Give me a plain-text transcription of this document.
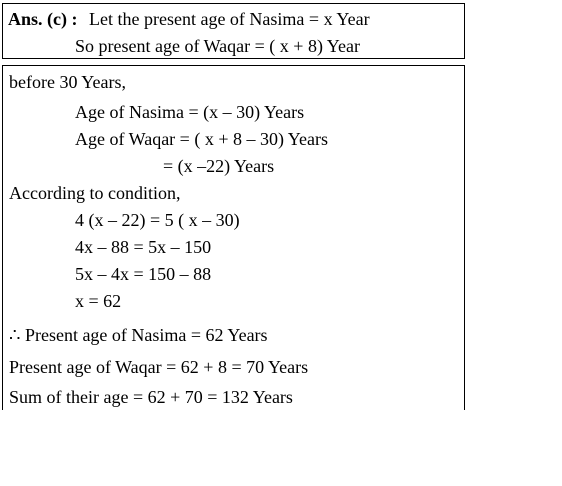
Ans. (c) : Let the present age of Nasima = x Year
So present age of Waqar = ( x + 8) Year
before 30 Years,
Age of Nasima = (x – 30) Years
Age of Waqar = ( x + 8 – 30) Years
= (x –22) Years
According to condition,
4 (x – 22) = 5 ( x – 30)
4x – 88 = 5x – 150
5x – 4x = 150 – 88
x = 62
∴ Present age of Nasima = 62 Years
Present age of Waqar = 62 + 8 = 70 Years
Sum of their age = 62 + 70 = 132 Years
